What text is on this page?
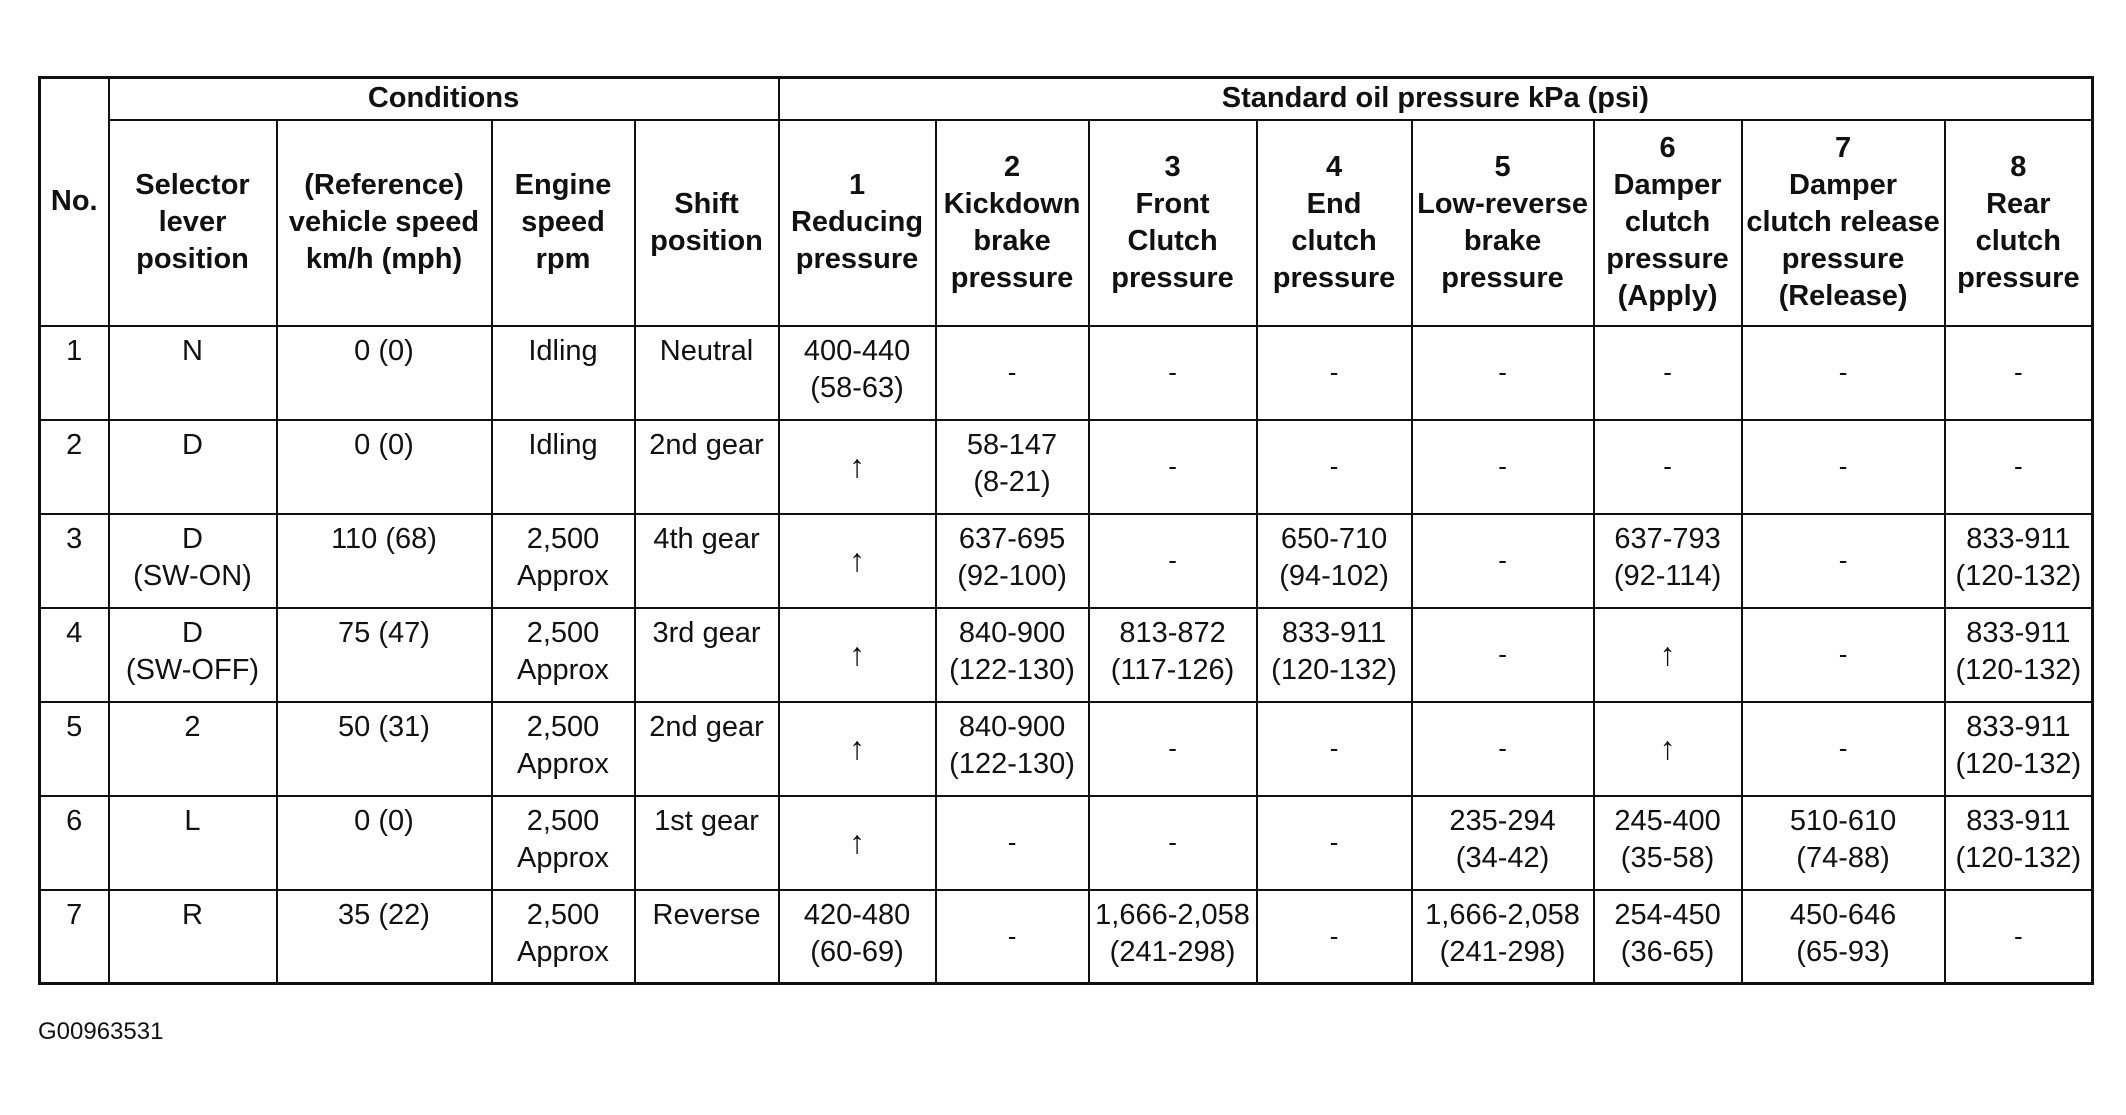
No.	Conditions				Standard oil pressure kPa (psi)							

	Selector
lever
position	(Reference)
vehicle speed
km/h (mph)	Engine
speed
rpm	Shift
position	1
Reducing
pressure	2
Kickdown
brake
pressure	3
Front
Clutch
pressure	4
End
clutch
pressure	5
Low-reverse
brake
pressure	6
Damper
clutch
pressure
(Apply)	7
Damper
clutch release
pressure
(Release)	8
Rear
clutch
pressure

1	N	0 (0)	Idling	Neutral	400-440
(58-63)	-	-	-	-	-	-	-

2	D	0 (0)	Idling	2nd gear	↑	58-147
(8-21)	-	-	-	-	-	-

3	D
(SW-ON)	110 (68)	2,500
Approx	4th gear	↑	637-695
(92-100)	-	650-710
(94-102)	-	637-793
(92-114)	-	833-911
(120-132)

4	D
(SW-OFF)	75 (47)	2,500
Approx	3rd gear	↑	840-900
(122-130)	813-872
(117-126)	833-911
(120-132)	-	↑	-	833-911
(120-132)

5	2	50 (31)	2,500
Approx	2nd gear	↑	840-900
(122-130)	-	-	-	↑	-	833-911
(120-132)

6	L	0 (0)	2,500
Approx	1st gear	↑	-	-	-	235-294
(34-42)	245-400
(35-58)	510-610
(74-88)	833-911
(120-132)

7	R	35 (22)	2,500
Approx	Reverse	420-480
(60-69)	-	1,666-2,058
(241-298)	-	1,666-2,058
(241-298)	254-450
(36-65)	450-646
(65-93)	-
G00963531
